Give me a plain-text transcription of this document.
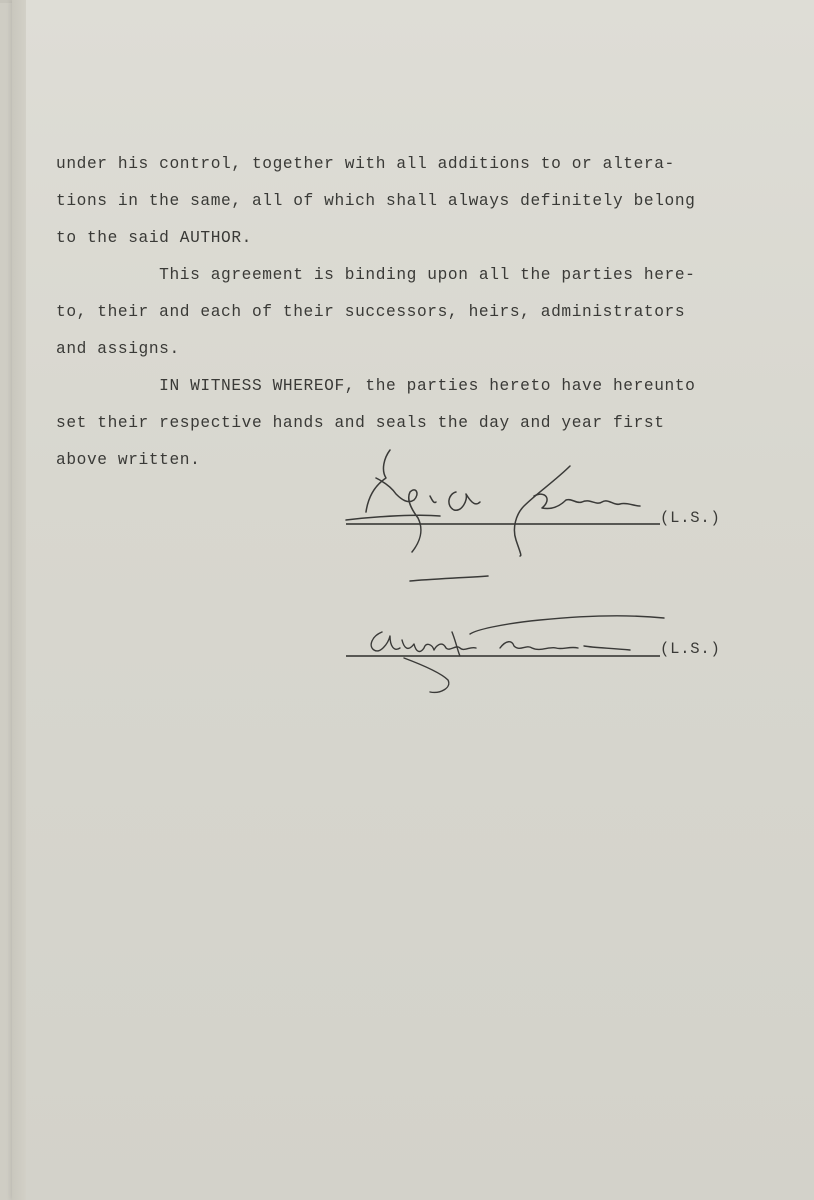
under his control, together with all additions to or altera-
tions in the same, all of which shall always definitely belong
to the said AUTHOR.
This agreement is binding upon all the parties here-
to, their and each of their successors, heirs, administrators
and assigns.
IN WITNESS WHEREOF, the parties hereto have hereunto
set their respective hands and seals the day and year first
above written.
(L.S.)
(L.S.)
